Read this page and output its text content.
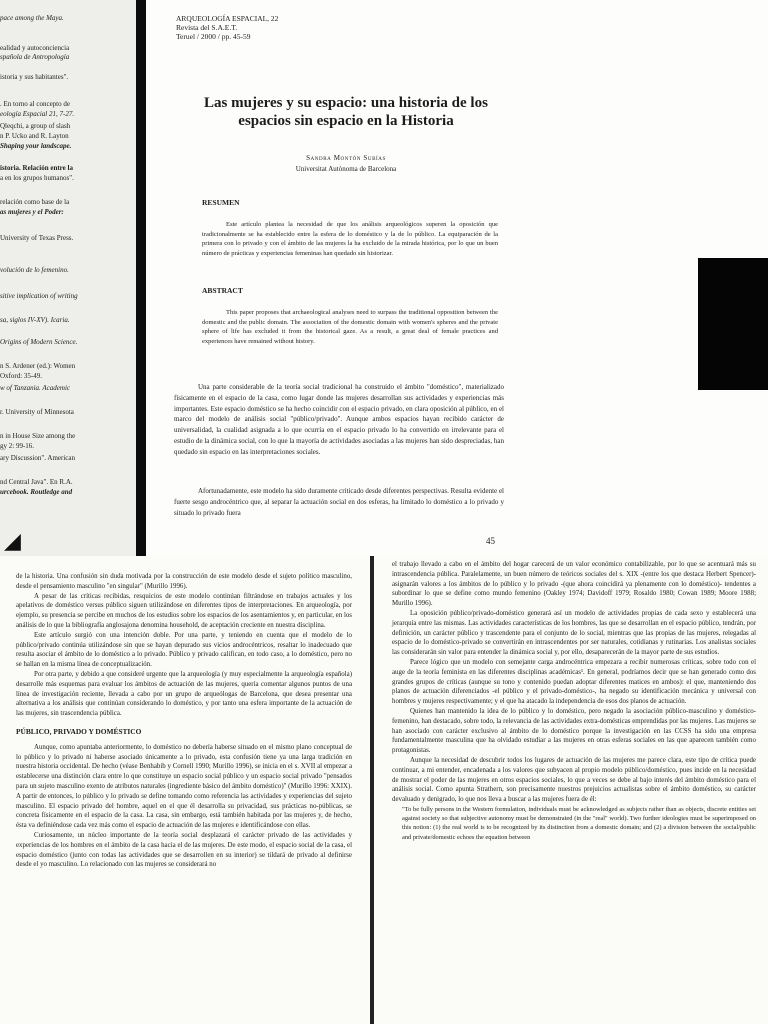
pace among the Maya.
ealidad y autoconciencia
spañola de Antropología
istoria y sus habitantes".
. En torno al concepto de
eología Espacial 21, 7-27.
Qleqchi, a group of slash
n P. Ucko and R. Layton
Shaping your landscape.
istoria. Relación entre la
a en los grupos humanos".
relación como base de la
as mujeres y el Poder:
University of Texas Press.
volución de lo femenino.
sitive implication of writing
sa, siglos IV-XV). Icaria.
Origins of Modern Science.
n S. Ardener (ed.): Women
Oxford: 35-49.
w of Tanzania. Academic
r. University of Minnesota
n in House Size among the
gy 2: 99-16.
ary Discussion". American
nd Central Java". En R.A.
urcebook. Routledge and
◢
ARQUEOLOGÍA ESPACIAL, 22
Revista del S.A.E.T.
Teruel / 2000 / pp. 45-59
Las mujeres y su espacio: una historia de los espacios sin espacio en la Historia
Sandra Montón Subías
Universitat Autònoma de Barcelona
RESUMEN
Este artículo plantea la necesidad de que los análisis arqueológicos superen la oposición que tradicionalmente se ha establecido entre la esfera de lo doméstico y la de lo público. La equiparación de la primera con lo privado y con el ámbito de las mujeres la ha excluido de la mirada histórica, por lo que un buen número de prácticas y experiencias femeninas han quedado sin historizar.
ABSTRACT
This paper proposes that archaeological analyses need to surpass the traditional opposition between the domestic and the public domain. The association of the domestic domain with women's spheres and the private sphere of life has excluded it from the historical gaze. As a result, a great deal of female practices and experiences have remained without history.
Una parte considerable de la teoría social tradicional ha construido el ámbito "doméstico", materializado físicamente en el espacio de la casa, como lugar donde las mujeres desarrollan sus actividades y experiencias más importantes. Este espacio doméstico se ha hecho coincidir con el espacio privado, en clara oposición al público, en el marco del modelo de análisis social "público/privado". Aunque ambos espacios hayan recibido carácter de universalidad, la cualidad asignada a lo que ocurría en el espacio privado lo ha convertido en irrelevante para el estudio de la dinámica social, con lo que la mayoría de actividades asociadas a las mujeres han sido despreciadas, han quedado sin espacio en las interpretaciones sociales.
Afortunadamente, este modelo ha sido duramente criticado desde diferentes perspectivas. Resulta evidente el fuerte sesgo androcéntrico que, al separar la actuación social en dos esferas, ha limitado lo doméstico a lo privado y situado lo privado fuera
45

de la historia. Una confusión sin duda motivada por la construcción de este modelo desde el sujeto político masculino, desde el pensamiento masculino "en singular" (Murillo 1996).

A pesar de las críticas recibidas, resquicios de este modelo continúan filtrándose en trabajos actuales y los apelativos de doméstico versus público siguen utilizándose en diferentes tipos de interpretaciones. En arqueología, por ejemplo, su presencia se percibe en muchos de los estudios sobre los espacios de los asentamientos y, en particular, en los análisis de lo que la bibliografía anglosajona denomina household, de aceptación creciente en nuestra disciplina.

Este artículo surgió con una intención doble. Por una parte, y teniendo en cuenta que el modelo de lo público/privado continúa utilizándose sin que se hayan depurado sus vicios androcéntricos, resaltar lo inadecuado que resulta asociar el ámbito de lo doméstico a lo privado. Público y privado califican, en todo caso, a lo doméstico, pero no se hallan en la misma línea de conceptualización.

Por otra parte, y debido a que consideré urgente que la arqueología (y muy especialmente la arqueología española) desarrolle más esquemas para evaluar los ámbitos de actuación de las mujeres, quería comentar algunos puntos de una línea de investigación reciente, llevada a cabo por un grupo de arqueólogas de Barcelona, que desea presentar una alternativa a los análisis que continúan considerando lo doméstico, y por tanto una esfera importante de la actuación de las mujeres, sin trascendencia pública.

PÚBLICO, PRIVADO Y DOMÉSTICO

Aunque, como apuntaba anteriormente, lo doméstico no debería haberse situado en el mismo plano conceptual de lo público y lo privado ni haberse asociado únicamente a lo privado, esta confusión tiene ya una larga tradición en nuestra historia occidental. De hecho (véase Benhabib y Cornell 1990; Murillo 1996), se inicia en el s. XVII al empezar a establecerse una distinción clara entre lo que constituye un espacio social público y un espacio social privado "pensados para un sujeto masculino exento de atributos naturales (ingrediente básico del ámbito doméstico)" (Murillo 1996: XXIX). A partir de entonces, lo público y lo privado se define tomando como referencia las actividades y experiencias del sujeto masculino. El espacio privado del hombre, aquel en el que él desarrolla su privacidad, sus prácticas no-públicas, se concreta físicamente en el espacio de la casa. La casa, sin embargo, está también habitada por las mujeres y, de hecho, ésta va definiéndose cada vez más como el espacio de actuación de las mujeres e identificándose con ellas.

Curiosamente, un núcleo importante de la teoría social desplazará el carácter privado de las actividades y experiencias de los hombres en el ámbito de la casa hacia el de las mujeres. De este modo, el espacio social de la casa, el espacio doméstico (junto con todas las actividades que se desarrollen en su interior) se tildará de privado al definirse desde el yo masculino. Lo relacionado con las mujeres se considerará no

el trabajo llevado a cabo en el ámbito del hogar carecerá de un valor económico contabilizable, por lo que se acentuará más su intrascendencia pública. Paralelamente, un buen número de teóricos sociales del s. XIX -(entre los que destaca Herbert Spencer)- asignarán valores a los ámbitos de lo público y lo privado -(que ahora coincidirá ya plenamente con lo doméstico)- tendentes a subordinar lo que se define como mundo femenino (Oakley 1974; Davidoff 1979; Rosaldo 1980; Cowan 1989; Moore 1988; Murillo 1996).

La oposición público/privado-doméstico generará así un modelo de actividades propias de cada sexo y establecerá una jerarquía entre las mismas. Las actividades características de los hombres, las que se desarrollan en el espacio público, tendrán, por definición, un carácter público y trascendente para el conjunto de lo social, mientras que las propias de las mujeres, relegadas al espacio de lo doméstico-privado se convertirán en intrascendentes por ser naturales, cotidianas y rutinarias. Los analistas sociales las considerarán sin valor para entender la dinámica social y, por ello, desaparecerán de la mayor parte de sus estudios.

Parece lógico que un modelo con semejante carga androcéntrica empezara a recibir numerosas críticas, sobre todo con el auge de la teoría feminista en las diferentes disciplinas académicas¹. En general, podríamos decir que se han generado como dos grandes grupos de críticas (aunque su tono y contenido puedan adoptar diferentes matices en ambos): el que, manteniendo dos planos de actuación diferenciados -el público y el privado-doméstico-, ha negado su identificación mecánica y universal con hombres y mujeres respectivamente; y el que ha atacado la independencia de esos dos planos de actuación.

Quienes han mantenido la idea de lo público y lo doméstico, pero negado la asociación público-masculino y doméstico-femenino, han destacado, sobre todo, la relevancia de las actividades extra-domésticas emprendidas por las mujeres. Las mujeres se han asociado con carácter exclusivo al ámbito de lo doméstico porque la investigación en las CCSS ha sido una empresa fundamentalmente masculina que ha olvidado estudiar a las mujeres en otras esferas sociales en las que aparecen también como protagonistas.

Aunque la necesidad de descubrir todos los lugares de actuación de las mujeres me parece clara, este tipo de crítica puede continuar, a mi entender, encadenada a los valores que subyacen al propio modelo público/doméstico, pues incide en la necesidad de mostrar el poder de las mujeres en otros espacios sociales, lo que a veces se debe al bajo interés del ámbito doméstico para el análisis social. Como apunta Strathern, son precisamente nuestros prejuicios actualistas sobre el ámbito doméstico, su carácter devaluado y denigrado, lo que nos lleva a buscar a las mujeres fuera de él:

"To be fully persons in the Western formulation, individuals must be acknowledged as subjects rather than as objects, discrete entities set against society so that subjective autonomy must be demonstrated (in the "real" world). Two further ideologies must be superimposed on this notion: (1) the real world is to be recognized by its distinction from a domestic domain; and (2) a division between the social/public and private/domestic echoes the equation between
